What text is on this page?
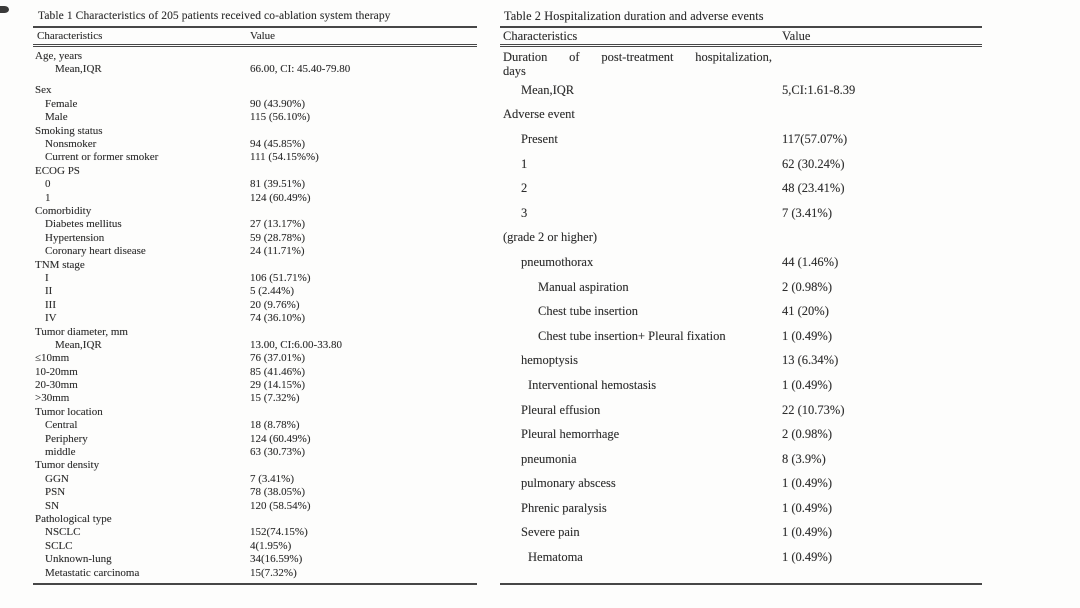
Table 1 Characteristics of 205 patients received co-ablation system therapy
Characteristics	Value
Age, years
Mean,IQR	66.00, CI: 45.40-79.80
Sex
Female	90 (43.90%)
Male	115 (56.10%)
Smoking status
Nonsmoker	94 (45.85%)
Current or former smoker	111 (54.15%%)
ECOG PS
0	81 (39.51%)
1	124 (60.49%)
Comorbidity
Diabetes mellitus	27 (13.17%)
Hypertension	59 (28.78%)
Coronary heart disease	24 (11.71%)
TNM stage
I	106 (51.71%)
II	5 (2.44%)
III	20 (9.76%)
IV	74 (36.10%)
Tumor diameter, mm
Mean,IQR	13.00, CI:6.00-33.80
≤10mm	76 (37.01%)
10-20mm	85 (41.46%)
20-30mm	29 (14.15%)
>30mm	15 (7.32%)
Tumor location
Central	18 (8.78%)
Periphery	124 (60.49%)
middle	63 (30.73%)
Tumor density
GGN	7 (3.41%)
PSN	78 (38.05%)
SN	120 (58.54%)
Pathological type
NSCLC	152(74.15%)
SCLC	4(1.95%)
Unknown-lung	34(16.59%)
Metastatic carcinoma	15(7.32%)
Table 2 Hospitalization duration and adverse events
Characteristics	Value
Duration of post-treatment hospitalization,
days
Mean,IQR	5,CI:1.61-8.39
Adverse event
Present	117(57.07%)
1	62 (30.24%)
2	48 (23.41%)
3	7 (3.41%)
(grade 2 or higher)
pneumothorax	44 (1.46%)
Manual aspiration	2 (0.98%)
Chest tube insertion	41 (20%)
Chest tube insertion+ Pleural fixation	1 (0.49%)
hemoptysis	13 (6.34%)
Interventional hemostasis	1 (0.49%)
Pleural effusion	22 (10.73%)
Pleural hemorrhage	2 (0.98%)
pneumonia	8 (3.9%)
pulmonary abscess	1 (0.49%)
Phrenic paralysis	1 (0.49%)
Severe pain	1 (0.49%)
Hematoma	1 (0.49%)
